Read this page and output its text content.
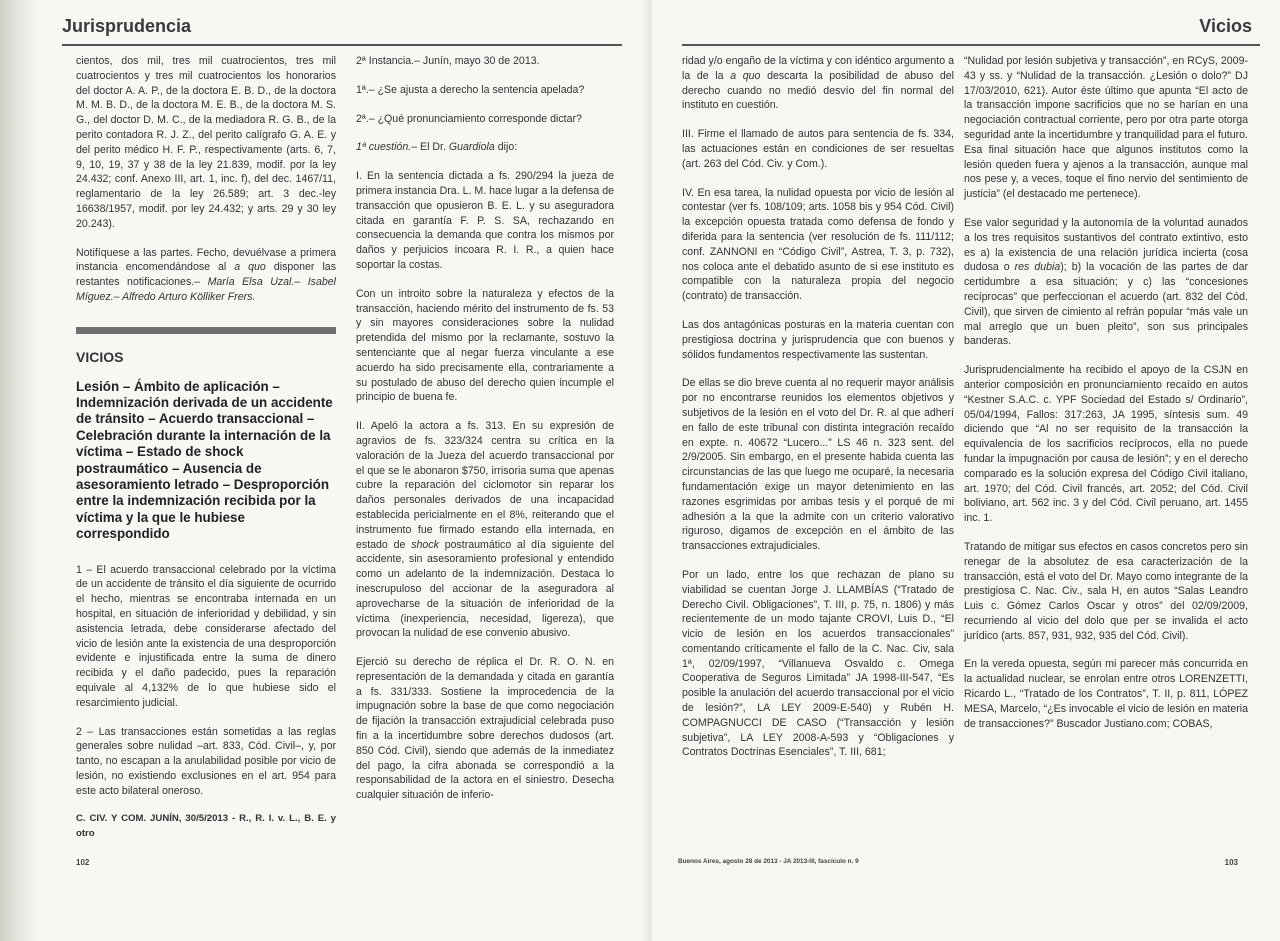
Jurisprudencia

cientos, dos mil, tres mil cuatrocientos, tres mil cuatrocientos y tres mil cuatrocientos los honorarios del doctor A. A. P., de la doctora E. B. D., de la doctora M. M. B. D., de la doctora M. E. B., de la doctora M. S. G., del doctor D. M. C., de la mediadora R. G. B., de la perito contadora R. J. Z., del perito calígrafo G. A. E. y del perito médico H. F. P., respectivamente (arts. 6, 7, 9, 10, 19, 37 y 38 de la ley 21.839, modif. por la ley 24.432; conf. Anexo III, art. 1, inc. f), del dec. 1467/11, reglamentario de la ley 26.589; art. 3 dec.-ley 16638/1957, modif. por ley 24.432; y arts. 29 y 30 ley 20.243).

Notifíquese a las partes. Fecho, devuélvase a primera instancia encomendándose al a quo disponer las restantes notificaciones.– María Elsa Uzal.– Isabel Míguez.– Alfredo Arturo Kölliker Frers.

VICIOS
Lesión – Ámbito de aplicación – Indemnización derivada de un accidente de tránsito – Acuerdo transaccional – Celebración durante la internación de la víctima – Estado de shock postraumático – Ausencia de asesoramiento letrado – Desproporción entre la indemnización recibida por la víctima y la que le hubiese correspondido

1 – El acuerdo transaccional celebrado por la víctima de un accidente de tránsito el día siguiente de ocurrido el hecho, mientras se encontraba internada en un hospital, en situación de inferioridad y debilidad, y sin asistencia letrada, debe considerarse afectado del vicio de lesión ante la existencia de una desproporción evidente e injustificada entre la suma de dinero recibida y el daño padecido, pues la reparación equivale al 4,132% de lo que hubiese sido el resarcimiento judicial.

2 – Las transacciones están sometidas a las reglas generales sobre nulidad –art. 833, Cód. Civil–, y, por tanto, no escapan a la anulabilidad posible por vicio de lesión, no existiendo exclusiones en el art. 954 para este acto bilateral oneroso.

C. CIV. Y COM. JUNÍN, 30/5/2013 - R., R. I. v. L., B. E. y otro

2ª Instancia.– Junín, mayo 30 de 2013.

1ª.– ¿Se ajusta a derecho la sentencia apelada?

2ª.– ¿Qué pronunciamiento corresponde dictar?

1ª cuestión.– El Dr. Guardiola dijo:

I. En la sentencia dictada a fs. 290/294 la jueza de primera instancia Dra. L. M. hace lugar a la defensa de transacción que opusieron B. E. L. y su aseguradora citada en garantía F. P. S. SA, rechazando en consecuencia la demanda que contra los mismos por daños y perjuicios incoara R. I. R., a quien hace soportar la costas.

Con un introito sobre la naturaleza y efectos de la transacción, haciendo mérito del instrumento de fs. 53 y sin mayores consideraciones sobre la nulidad pretendida del mismo por la reclamante, sostuvo la sentenciante que al negar fuerza vinculante a ese acuerdo ha sido precisamente ella, contrariamente a su postulado de abuso del derecho quien incumple el principio de buena fe.

II. Apeló la actora a fs. 313. En su expresión de agravios de fs. 323/324 centra su crítica en la valoración de la Jueza del acuerdo transaccional por el que se le abonaron $750, irrisoria suma que apenas cubre la reparación del ciclomotor sin reparar los daños personales derivados de una incapacidad establecida pericialmente en el 8%, reiterando que el instrumento fue firmado estando ella internada, en estado de shock postraumático al día siguiente del accidente, sin asesoramiento profesional y entendido como un adelanto de la indemnización. Destaca lo inescrupuloso del accionar de la aseguradora al aprovecharse de la situación de inferioridad de la víctima (inexperiencia, necesidad, ligereza), que provocan la nulidad de ese convenio abusivo.

Ejerció su derecho de réplica el Dr. R. O. N. en representación de la demandada y citada en garantía a fs. 331/333. Sostiene la improcedencia de la impugnación sobre la base de que como negociación de fijación la transacción extrajudicial celebrada puso fin a la incertidumbre sobre derechos dudosos (art. 850 Cód. Civil), siendo que además de la inmediatez del pago, la cifra abonada se correspondió a la responsabilidad de la actora en el siniestro. Desecha cualquier situación de inferio-

102
Vicios

ridad y/o engaño de la víctima y con idéntico argumento a la de la a quo descarta la posibilidad de abuso del derecho cuando no medió desvío del fin normal del instituto en cuestión.

III. Firme el llamado de autos para sentencia de fs. 334, las actuaciones están en condiciones de ser resueltas (art. 263 del Cód. Civ. y Com.).

IV. En esa tarea, la nulidad opuesta por vicio de lesión al contestar (ver fs. 108/109; arts. 1058 bis y 954 Cód. Civil) la excepción opuesta tratada como defensa de fondo y diferida para la sentencia (ver resolución de fs. 111/112; conf. ZANNONI en “Código Civil”, Astrea, T. 3, p. 732), nos coloca ante el debatido asunto de si ese instituto es compatible con la naturaleza propia del negocio (contrato) de transacción.

Las dos antagónicas posturas en la materia cuentan con prestigiosa doctrina y jurisprudencia que con buenos y sólidos fundamentos respectivamente las sustentan.

De ellas se dio breve cuenta al no requerir mayor análisis por no encontrarse reunidos los elementos objetivos y subjetivos de la lesión en el voto del Dr. R. al que adherí en fallo de este tribunal con distinta integración recaído en expte. n. 40672 “Lucero...” LS 46 n. 323 sent. del 2/9/2005. Sin embargo, en el presente habida cuenta las circunstancias de las que luego me ocuparé, la necesaria fundamentación exige un mayor detenimiento en las razones esgrimidas por ambas tesis y el porqué de mi adhesión a la que la admite con un criterio valorativo riguroso, digamos de excepción en el ámbito de las transacciones extrajudiciales.

Por un lado, entre los que rechazan de plano su viabilidad se cuentan Jorge J. LLAMBÍAS (“Tratado de Derecho Civil. Obligaciones”, T. III, p. 75, n. 1806) y más recientemente de un modo tajante CROVI, Luis D., “El vicio de lesión en los acuerdos transaccionales” comentando críticamente el fallo de la C. Nac. Civ, sala 1ª, 02/09/1997, “Villanueva Osvaldo c. Omega Cooperativa de Seguros Limitada” JA 1998-III-547, “Es posible la anulación del acuerdo transaccional por el vicio de lesión?”, LA LEY 2009-E-540) y Rubén H. COMPAGNUCCI DE CASO (“Transacción y lesión subjetiva”, LA LEY 2008-A-593 y “Obligaciones y Contratos Doctrinas Esenciales”, T. III, 681;

“Nulidad por lesión subjetiva y transacción”, en RCyS, 2009-43 y ss. y “Nulidad de la transacción. ¿Lesión o dolo?” DJ 17/03/2010, 621). Autor éste último que apunta “El acto de la transacción impone sacrificios que no se harían en una negociación contractual corriente, pero por otra parte otorga seguridad ante la incertidumbre y tranquilidad para el futuro. Esa final situación hace que algunos institutos como la lesión queden fuera y ajenos a la transacción, aunque mal nos pese y, a veces, toque el fino nervio del sentimiento de justicia” (el destacado me pertenece).

Ese valor seguridad y la autonomía de la voluntad aunados a los tres requisitos sustantivos del contrato extintivo, esto es a) la existencia de una relación jurídica incierta (cosa dudosa o res dubia); b) la vocación de las partes de dar certidumbre a esa situación; y c) las “concesiones recíprocas” que perfeccionan el acuerdo (art. 832 del Cód. Civil), que sirven de cimiento al refrán popular “más vale un mal arreglo que un buen pleito”, son sus principales banderas.

Jurisprudencialmente ha recibido el apoyo de la CSJN en anterior composición en pronunciamiento recaído en autos “Kestner S.A.C. c. YPF Sociedad del Estado s/ Ordinario”, 05/04/1994, Fallos: 317:263, JA 1995, síntesis sum. 49 diciendo que “Al no ser requisito de la transacción la equivalencia de los sacrificios recíprocos, ella no puede fundar la impugnación por causa de lesión”; y en el derecho comparado es la solución expresa del Código Civil italiano, art. 1970; del Cód. Civil francés, art. 2052; del Cód. Civil boliviano, art. 562 inc. 3 y del Cód. Civil peruano, art. 1455 inc. 1.

Tratando de mitigar sus efectos en casos concretos pero sin renegar de la absolutez de esa caracterización de la transacción, está el voto del Dr. Mayo como integrante de la prestigiosa C. Nac. Civ., sala H, en autos “Salas Leandro Luis c. Gómez Carlos Oscar y otros” del 02/09/2009, recurriendo al vicio del dolo que per se invalida el acto jurídico (arts. 857, 931, 932, 935 del Cód. Civil).

En la vereda opuesta, según mi parecer más concurrida en la actualidad nuclear, se enrolan entre otros LORENZETTI, Ricardo L., “Tratado de los Contratos”, T. II, p. 811, LÓPEZ MESA, Marcelo, “¿Es invocable el vicio de lesión en materia de transacciones?” Buscador Justiano.com; COBAS,

Buenos Aires, agosto 28 de 2013 - JA 2013-III, fascículo n. 9	103
